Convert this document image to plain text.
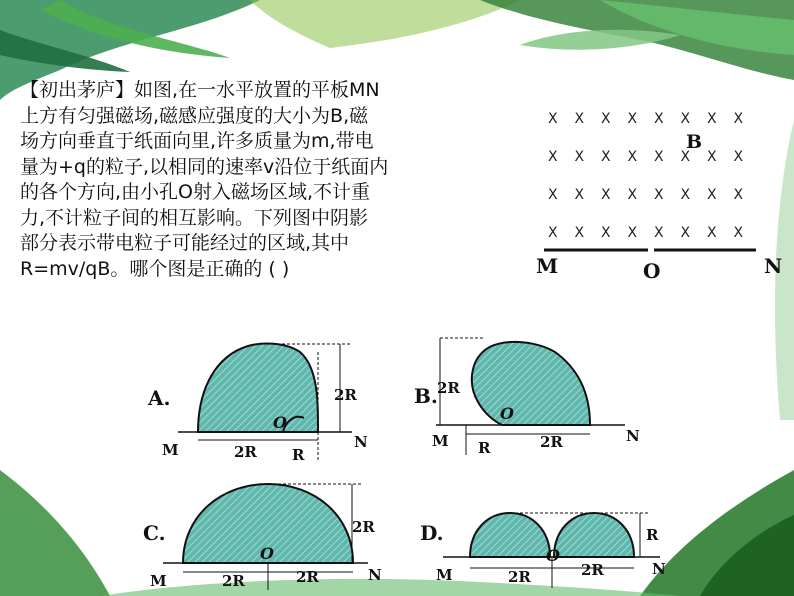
【初出茅庐】如图,在一水平放置的平板MN
上方有匀强磁场,磁感应强度的大小为B,磁
场方向垂直于纸面向里,许多质量为m,带电
量为+q的粒子,以相同的速率v沿位于纸面内
的各个方向,由小孔O射入磁场区域,不计重
力,不计粒子间的相互影响。下列图中阴影
部分表示带电粒子可能经过的区域,其中
R=mv/qB。哪个图是正确的 ( )
X X X X X X X X
X X X X X X X X
X X X X X X X X
X X X X X X X X
B
M	O	N
A.	2R
2R R
M	N
O
B. 2R
R	2R
M	N
O
C.	2R
2R	2R
M	N
O
D.	R
2R	2R
M	N
O
